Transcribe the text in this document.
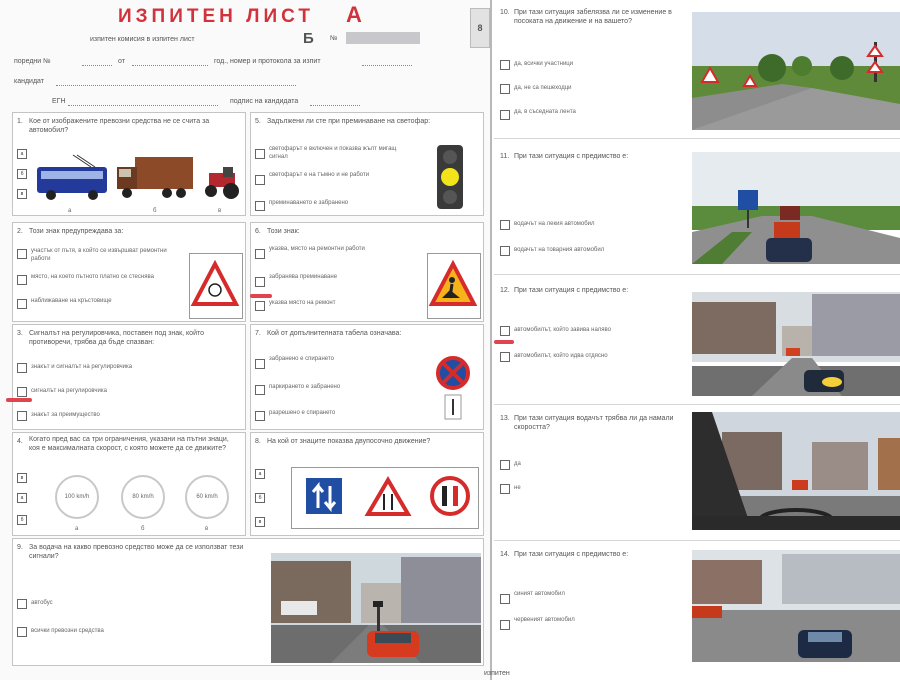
ИЗПИТЕН ЛИСТ A
изпитен комисия в изпитен лист	Б №
поредни №	от	год., номер и протокола за изпит
кандидат
ЕГН	подпис на кандидата
1. Кое от изображените превозни средства не се счита за автомобил?
а
б
в
а	б	в
2. Този знак предупреждава за:
участък от пътя, в който се извършват ремонтни работи
място, на което пътното платно се стеснява
наближаване на кръстовище
3. Сигналът на регулировчика, поставен под знак, който противоречи, трябва да бъде спазван:
знакът и сигналът на регулировчика
сигналът на регулировчика
знакът за преимущество
4. Когато пред вас са три ограничения, указани на пътни знаци, коя е максималната скорост, с която можете да се движите?
а
б
в
100 km/h	80 km/h	60 km/h
а	б	в
5. Задължени ли сте при преминаване на светофар:
светофарът е включен и показва жълт мигащ сигнал
светофарът е на тъмно и не работи
преминаването е забранено
6. Този знак:
указва, място на ремонтни работи
забранява преминаване
указва място на ремонт
7. Кой от допълнителната табела означава:
забранено е спирането
паркирането е забранено
разрешено е спирането
8. На кой от знаците показва двупосочно движение?
а
б
в
9. За водача на какво превозно средство може да се използват тези сигнали?
автобус
всички превозни средства
8
10. При тази ситуация забелязва ли се изменение в посоката на движение и на вашето?
да, всички участници
да, не са пешеходци
да, в съседната лента
11. При тази ситуация с предимство е:
водачът на лекия автомобил
водачът на товарния автомобил
12. При тази ситуация с предимство е:
автомобилът, който завива наляво
автомобилът, който идва отдясно
13. При тази ситуация водачът трябва ли да намали скоростта?
да
не
14. При тази ситуация с предимство е:
синият автомобил
червеният автомобил
изпитен
